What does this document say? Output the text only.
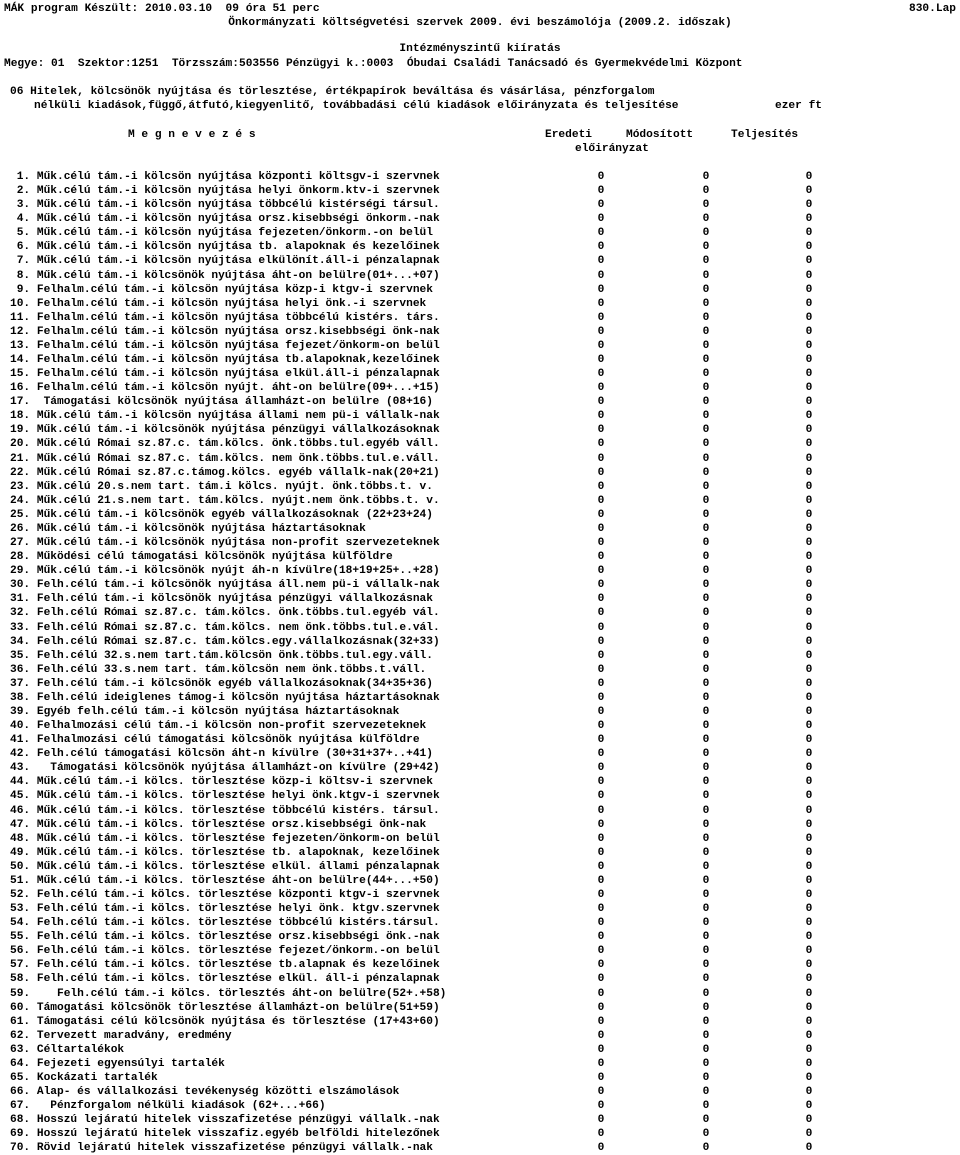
MÁK program Készült: 2010.03.10  09 óra 51 perc	830.Lap
Önkormányzati költségvetési szervek 2009. évi beszámolója (2009.2. időszak)
Intézményszintű kiíratás
Megye: 01  Szektor:1251  Törzsszám:503556 Pénzügyi k.:0003  Óbudai Családi Tanácsadó és Gyermekvédelmi Központ
06 Hitelek, kölcsönök nyújtása és törlesztése, értékpapírok beváltása és vásárlása, pénzforgalom
nélküli kiadások,függő,átfutó,kiegyenlitő, továbbadási célú kiadások előirányzata és teljesítése	ezer ft
M e g n e v e z é s	Eredeti	Módosított	Teljesítés
előirányzat
1. Műk.célú tám.-i kölcsön nyújtása központi költsgv-i szervnek	0	0	0
2. Műk.célú tám.-i kölcsön nyújtása helyi önkorm.ktv-i szervnek	0	0	0
3. Műk.célú tám.-i kölcsön nyújtása többcélú kistérségi társul.	0	0	0
4. Műk.célú tám.-i kölcsön nyújtása orsz.kisebbségi önkorm.-nak	0	0	0
5. Műk.célú tám.-i kölcsön nyújtása fejezeten/önkorm.-on belül	0	0	0
6. Műk.célú tám.-i kölcsön nyújtása tb. alapoknak és kezelőinek	0	0	0
7. Műk.célú tám.-i kölcsön nyújtása elkülönít.áll-i pénzalapnak	0	0	0
8. Műk.célú tám.-i kölcsönök nyújtása áht-on belülre(01+...+07)	0	0	0
9. Felhalm.célú tám.-i kölcsön nyújtása közp-i ktgv-i szervnek	0	0	0
10. Felhalm.célú tám.-i kölcsön nyújtása helyi önk.-i szervnek	0	0	0
11. Felhalm.célú tám.-i kölcsön nyújtása többcélú kistérs. társ.	0	0	0
12. Felhalm.célú tám.-i kölcsön nyújtása orsz.kisebbségi önk-nak	0	0	0
13. Felhalm.célú tám.-i kölcsön nyújtása fejezet/önkorm-on belül	0	0	0
14. Felhalm.célú tám.-i kölcsön nyújtása tb.alapoknak,kezelőinek	0	0	0
15. Felhalm.célú tám.-i kölcsön nyújtása elkül.áll-i pénzalapnak	0	0	0
16. Felhalm.célú tám.-i kölcsön nyújt. áht-on belülre(09+...+15)	0	0	0
17.  Támogatási kölcsönök nyújtása államházt-on belülre (08+16)	0	0	0
18. Műk.célú tám.-i kölcsön nyújtása állami nem pü-i vállalk-nak	0	0	0
19. Műk.célú tám.-i kölcsönök nyújtása pénzügyi vállalkozásoknak	0	0	0
20. Műk.célú Római sz.87.c. tám.kölcs. önk.többs.tul.egyéb váll.	0	0	0
21. Műk.célú Római sz.87.c. tám.kölcs. nem önk.többs.tul.e.váll.	0	0	0
22. Műk.célú Római sz.87.c.támog.kölcs. egyéb vállalk-nak(20+21)	0	0	0
23. Műk.célú 20.s.nem tart. tám.i kölcs. nyújt. önk.többs.t. v.	0	0	0
24. Műk.célú 21.s.nem tart. tám.kölcs. nyújt.nem önk.többs.t. v.	0	0	0
25. Műk.célú tám.-i kölcsönök egyéb vállalkozásoknak (22+23+24)	0	0	0
26. Műk.célú tám.-i kölcsönök nyújtása háztartásoknak	0	0	0
27. Műk.célú tám.-i kölcsönök nyújtása non-profit szervezeteknek	0	0	0
28. Működési célú támogatási kölcsönök nyújtása külföldre	0	0	0
29. Műk.célú tám.-i kölcsönök nyújt áh-n kívülre(18+19+25+..+28)	0	0	0
30. Felh.célú tám.-i kölcsönök nyújtása áll.nem pü-i vállalk-nak	0	0	0
31. Felh.célú tám.-i kölcsönök nyújtása pénzügyi vállalkozásnak	0	0	0
32. Felh.célú Római sz.87.c. tám.kölcs. önk.többs.tul.egyéb vál.	0	0	0
33. Felh.célú Római sz.87.c. tám.kölcs. nem önk.többs.tul.e.vál.	0	0	0
34. Felh.célú Római sz.87.c. tám.kölcs.egy.vállalkozásnak(32+33)	0	0	0
35. Felh.célú 32.s.nem tart.tám.kölcsön önk.többs.tul.egy.váll.	0	0	0
36. Felh.célú 33.s.nem tart. tám.kölcsön nem önk.többs.t.váll.	0	0	0
37. Felh.célú tám.-i kölcsönök egyéb vállalkozásoknak(34+35+36)	0	0	0
38. Felh.célú ideiglenes támog-i kölcsön nyújtása háztartásoknak	0	0	0
39. Egyéb felh.célú tám.-i kölcsön nyújtása háztartásoknak	0	0	0
40. Felhalmozási célú tám.-i kölcsön non-profit szervezeteknek	0	0	0
41. Felhalmozási célú támogatási kölcsönök nyújtása külföldre	0	0	0
42. Felh.célú támogatási kölcsön áht-n kívülre (30+31+37+..+41)	0	0	0
43.   Támogatási kölcsönök nyújtása államházt-on kívülre (29+42)	0	0	0
44. Műk.célú tám.-i kölcs. törlesztése közp-i költsv-i szervnek	0	0	0
45. Műk.célú tám.-i kölcs. törlesztése helyi önk.ktgv-i szervnek	0	0	0
46. Műk.célú tám.-i kölcs. törlesztése többcélú kistérs. társul.	0	0	0
47. Műk.célú tám.-i kölcs. törlesztése orsz.kisebbségi önk-nak	0	0	0
48. Műk.célú tám.-i kölcs. törlesztése fejezeten/önkorm-on belül	0	0	0
49. Műk.célú tám.-i kölcs. törlesztése tb. alapoknak, kezelőinek	0	0	0
50. Műk.célú tám.-i kölcs. törlesztése elkül. állami pénzalapnak	0	0	0
51. Műk.célú tám.-i kölcs. törlesztése áht-on belülre(44+...+50)	0	0	0
52. Felh.célú tám.-i kölcs. törlesztése központi ktgv-i szervnek	0	0	0
53. Felh.célú tám.-i kölcs. törlesztése helyi önk. ktgv.szervnek	0	0	0
54. Felh.célú tám.-i kölcs. törlesztése többcélú kistérs.társul.	0	0	0
55. Felh.célú tám.-i kölcs. törlesztése orsz.kisebbségi önk.-nak	0	0	0
56. Felh.célú tám.-i kölcs. törlesztése fejezet/önkorm.-on belül	0	0	0
57. Felh.célú tám.-i kölcs. törlesztése tb.alapnak és kezelőinek	0	0	0
58. Felh.célú tám.-i kölcs. törlesztése elkül. áll-i pénzalapnak	0	0	0
59.    Felh.célú tám.-i kölcs. törlesztés áht-on belülre(52+.+58)	0	0	0
60. Támogatási kölcsönök törlesztése államházt-on belülre(51+59)	0	0	0
61. Támogatási célú kölcsönök nyújtása és törlesztése (17+43+60)	0	0	0
62. Tervezett maradvány, eredmény	0	0	0
63. Céltartalékok	0	0	0
64. Fejezeti egyensúlyi tartalék	0	0	0
65. Kockázati tartalék	0	0	0
66. Alap- és vállalkozási tevékenység közötti elszámolások	0	0	0
67.   Pénzforgalom nélküli kiadások (62+...+66)	0	0	0
68. Hosszú lejáratú hitelek visszafizetése pénzügyi vállalk.-nak	0	0	0
69. Hosszú lejáratú hitelek visszafiz.egyéb belföldi hitelezőnek	0	0	0
70. Rövid lejáratú hitelek visszafizetése pénzügyi vállalk.-nak	0	0	0
